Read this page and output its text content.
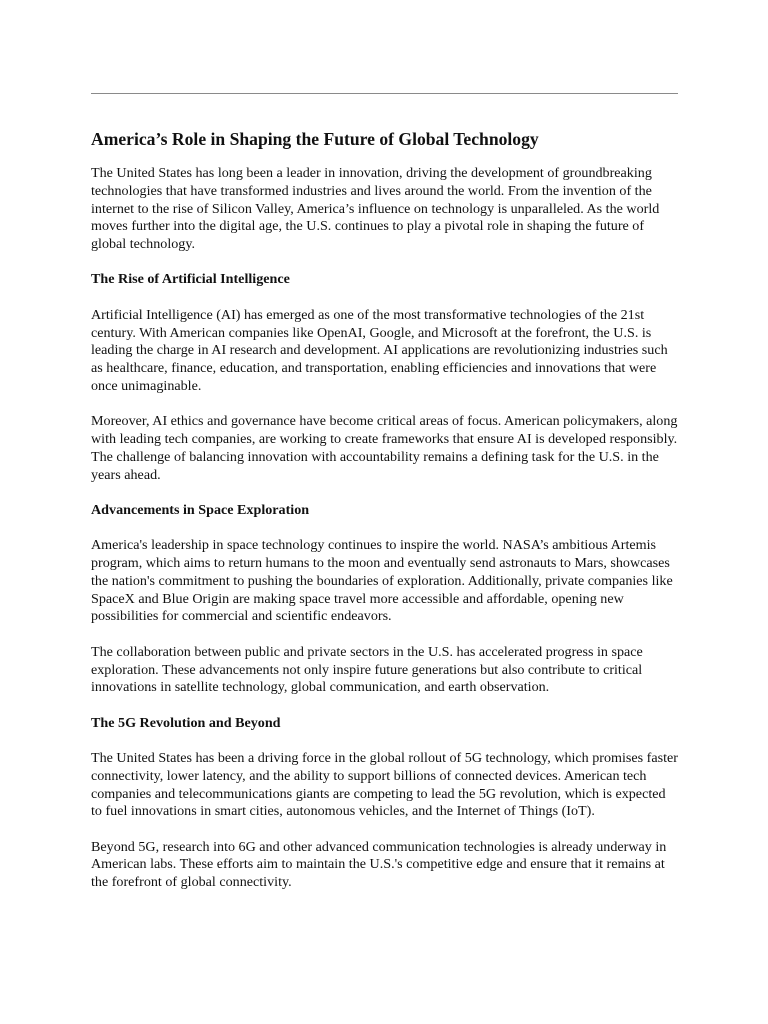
America’s Role in Shaping the Future of Global Technology

The United States has long been a leader in innovation, driving the development of groundbreaking technologies that have transformed industries and lives around the world. From the invention of the internet to the rise of Silicon Valley, America’s influence on technology is unparalleled. As the world moves further into the digital age, the U.S. continues to play a pivotal role in shaping the future of global technology.

The Rise of Artificial Intelligence

Artificial Intelligence (AI) has emerged as one of the most transformative technologies of the 21st century. With American companies like OpenAI, Google, and Microsoft at the forefront, the U.S. is leading the charge in AI research and development. AI applications are revolutionizing industries such as healthcare, finance, education, and transportation, enabling efficiencies and innovations that were once unimaginable.

Moreover, AI ethics and governance have become critical areas of focus. American policymakers, along with leading tech companies, are working to create frameworks that ensure AI is developed responsibly. The challenge of balancing innovation with accountability remains a defining task for the U.S. in the years ahead.

Advancements in Space Exploration

America's leadership in space technology continues to inspire the world. NASA’s ambitious Artemis program, which aims to return humans to the moon and eventually send astronauts to Mars, showcases the nation's commitment to pushing the boundaries of exploration. Additionally, private companies like SpaceX and Blue Origin are making space travel more accessible and affordable, opening new possibilities for commercial and scientific endeavors.

The collaboration between public and private sectors in the U.S. has accelerated progress in space exploration. These advancements not only inspire future generations but also contribute to critical innovations in satellite technology, global communication, and earth observation.

The 5G Revolution and Beyond

The United States has been a driving force in the global rollout of 5G technology, which promises faster connectivity, lower latency, and the ability to support billions of connected devices. American tech companies and telecommunications giants are competing to lead the 5G revolution, which is expected to fuel innovations in smart cities, autonomous vehicles, and the Internet of Things (IoT).

Beyond 5G, research into 6G and other advanced communication technologies is already underway in American labs. These efforts aim to maintain the U.S.'s competitive edge and ensure that it remains at the forefront of global connectivity.
